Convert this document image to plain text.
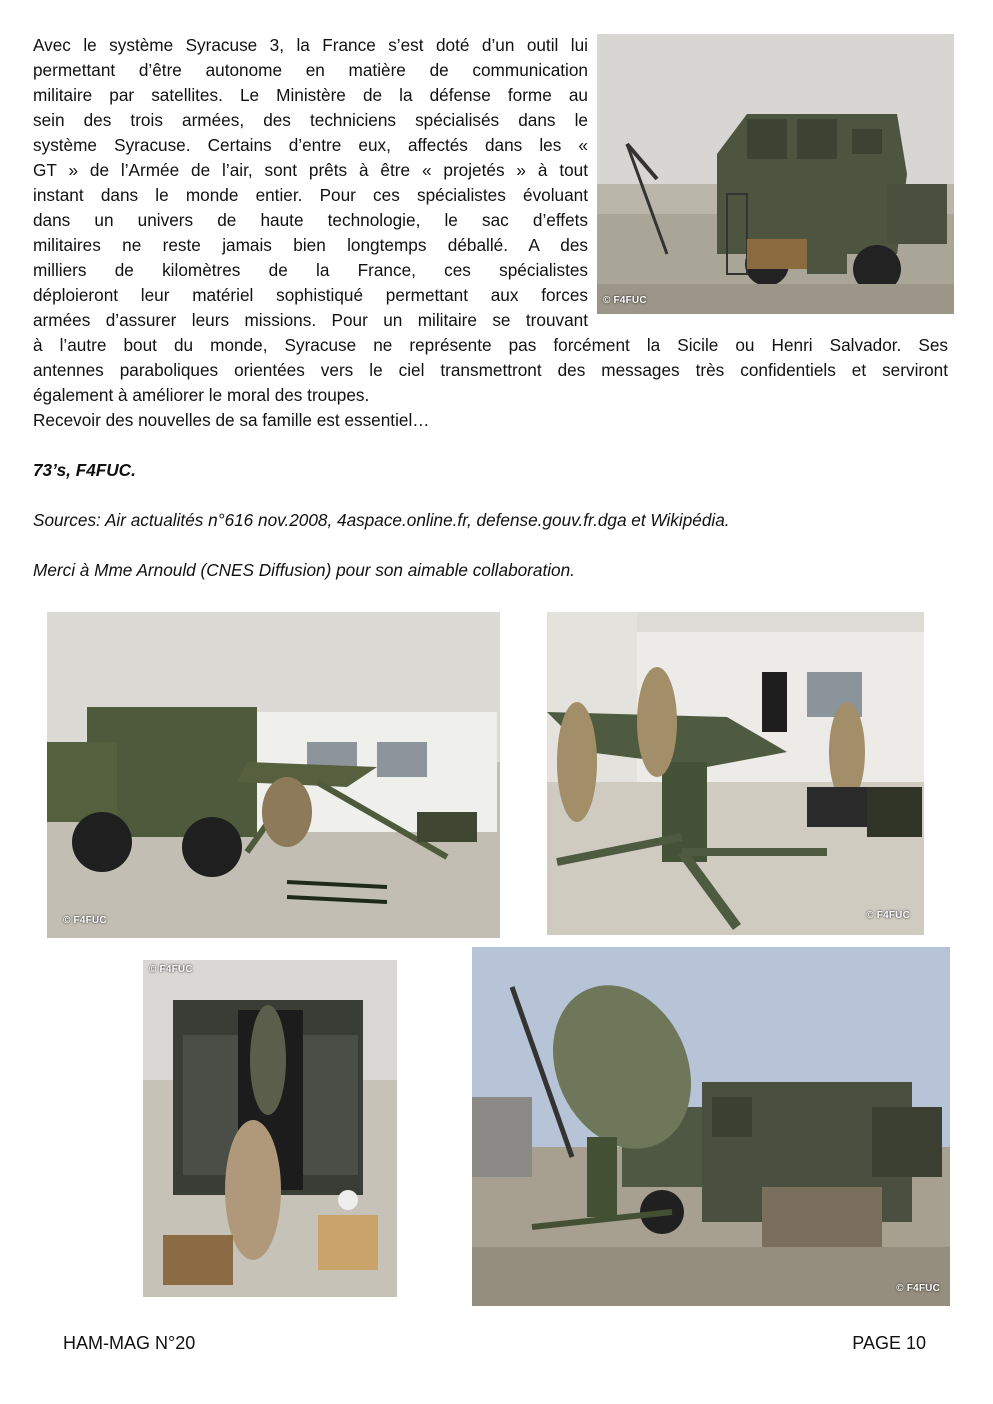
Avec le système Syracuse 3, la France s’est doté d’un outil lui

permettant d’être autonome en matière de communication

militaire par satellites. Le Ministère de la défense forme au

sein des trois armées, des techniciens spécialisés dans le

système Syracuse. Certains d’entre eux, affectés dans les «

GT » de l’Armée de l’air, sont prêts à être « projetés » à tout

instant dans le monde entier. Pour ces spécialistes évoluant

dans un univers de haute technologie, le sac d’effets

militaires ne reste jamais bien longtemps déballé. A des

milliers de kilomètres de la France, ces spécialistes

déploieront leur matériel sophistiqué permettant aux forces

armées d’assurer leurs missions. Pour un militaire se trouvant

à l’autre bout du monde, Syracuse ne représente pas forcément la Sicile ou Henri Salvador. Ses

antennes paraboliques orientées vers le ciel transmettront des messages très confidentiels et serviront

également à améliorer le moral des troupes.

Recevoir des nouvelles de sa famille est essentiel…

73’s, F4FUC.

Sources: Air actualités n°616 nov.2008, 4aspace.online.fr, defense.gouv.fr.dga et Wikipédia.

Merci à Mme Arnould (CNES Diffusion) pour son aimable collaboration.

© F4FUC
© F4FUC	© F4FUC
© F4FUC
© F4FUC
HAM-MAG N°20	PAGE 10
